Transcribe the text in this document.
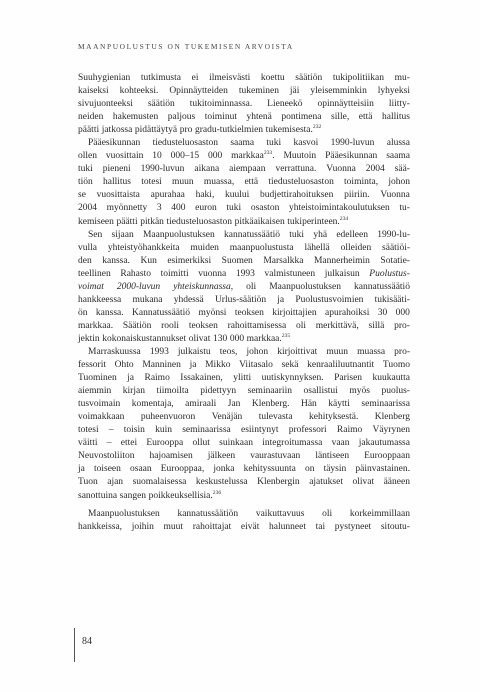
MAANPUOLUSTUS ON TUKEMISEN ARVOISTA
Suuhygienian tutkimusta ei ilmeisvästi koettu säätiön tukipolitiikan mu-
kaiseksi kohteeksi. Opinnäytteiden tukeminen jäi yleisemminkin lyhyeksi
sivujuonteeksi säätiön tukitoiminnassa. Lieneekö opinnäytteisiin liitty-
neiden hakemusten paljous toiminut yhtenä pontimena sille, että hallitus
päätti jatkossa pidättäytyä pro gradu-tutkielmien tukemisesta.$^{232}$
Pääesikunnan tiedusteluosaston saama tuki kasvoi 1990-luvun alussa
ollen vuosittain 10 000–15 000 markkaa$^{233}$. Muutoin Pääesikunnan saama
tuki pieneni 1990-luvun aikana aiempaan verrattuna. Vuonna 2004 sää-
tiön hallitus totesi muun muassa, että tiedusteluosaston toiminta, johon
se vuosittaista apurahaa haki, kuului budjettirahoituksen piiriin. Vuonna
2004 myönnetty 3 400 euron tuki osaston yhteistoimintakoulutuksen tu-
kemiseen päätti pitkän tiedusteluosaston pitkäaikaisen tukiperinteen.$^{234}$
Sen sijaan Maanpuolustuksen kannatussäätiö tuki yhä edelleen 1990-lu-
vulla yhteistyöhankkeita muiden maanpuolustusta lähellä olleiden säätiöi-
den kanssa. Kun esimerkiksi Suomen Marsalkka Mannerheimin Sotatie-
teellinen Rahasto toimitti vuonna 1993 valmistuneen julkaisun Puolustus-
voimat 2000-luvun yhteiskunnassa, oli Maanpuolustuksen kannatussäätiö
hankkeessa mukana yhdessä Urlus-säätiön ja Puolustusvoimien tukisääti-
ön kanssa. Kannatussäätiö myönsi teoksen kirjoittajien apurahoiksi 30 000
markkaa. Säätiön rooli teoksen rahoittamisessa oli merkittävä, sillä pro-
jektin kokonaiskustannukset olivat 130 000 markkaa.$^{235}$
Marraskuussa 1993 julkaistu teos, johon kirjoittivat muun muassa pro-
fessorit Ohto Manninen ja Mikko Viitasalo sekä kenraaliluutnantit Tuomo
Tuominen ja Raimo Issakainen, ylitti uutiskynnyksen. Parisen kuukautta
aiemmin kirjan tiimoilta pidettyyn seminaariin osallistui myös puolus-
tusvoimain komentaja, amiraali Jan Klenberg. Hän käytti seminaarissa
voimakkaan puheenvuoron Venäjän tulevasta kehityksestä. Klenberg
totesi – toisin kuin seminaarissa esiintynyt professori Raimo Väyrynen
väitti – ettei Eurooppa ollut suinkaan integroitumassa vaan jakautumassa
Neuvostoliiton hajoamisen jälkeen vaurastuvaan läntiseen Eurooppaan
ja toiseen osaan Eurooppaa, jonka kehityssuunta on täysin päinvastainen.
Tuon ajan suomalaisessa keskustelussa Klenbergin ajatukset olivat ääneen
sanottuina sangen poikkeuksellisia.$^{236}$
Maanpuolustuksen kannatussäätiön vaikuttavuus oli korkeimmillaan
hankkeissa, joihin muut rahoittajat eivät halunneet tai pystyneet sitoutu-
84
